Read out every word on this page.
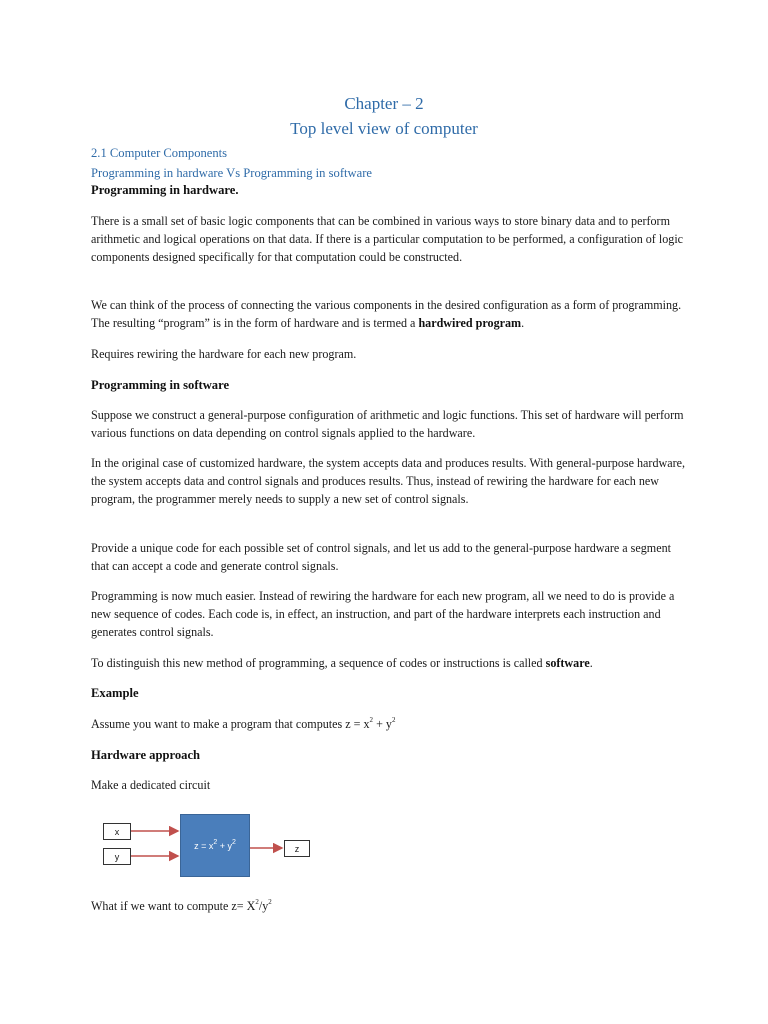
Chapter – 2
Top level view of computer
2.1 Computer Components
Programming in hardware Vs Programming in software
Programming in hardware.
There is a small set of basic logic components that can be combined in various ways to store binary data and to perform arithmetic and logical operations on that data. If there is a particular computation to be performed, a configuration of logic components designed specifically for that computation could be constructed.
We can think of the process of connecting the various components in the desired configuration as a form of programming. The resulting “program” is in the form of hardware and is termed a hardwired program.
Requires rewiring the hardware for each new program.
Programming in software
Suppose we construct a general-purpose configuration of arithmetic and logic functions. This set of hardware will perform various functions on data depending on control signals applied to the hardware.
In the original case of customized hardware, the system accepts data and produces results. With general-purpose hardware, the system accepts data and control signals and produces results. Thus, instead of rewiring the hardware for each new program, the programmer merely needs to supply a new set of control signals.
Provide a unique code for each possible set of control signals, and let us add to the general-purpose hardware a segment that can accept a code and generate control signals.
Programming is now much easier. Instead of rewiring the hardware for each new program, all we need to do is provide a new sequence of codes. Each code is, in effect, an instruction, and part of the hardware interprets each instruction and generates control signals.
To distinguish this new method of programming, a sequence of codes or instructions is called software.
Example
Assume you want to make a program that computes $z = x^2 + y^2$
Hardware approach
Make a dedicated circuit
x
y
$z = x^2 + y^2$
z
What if we want to compute $z= X^2/y^2$
